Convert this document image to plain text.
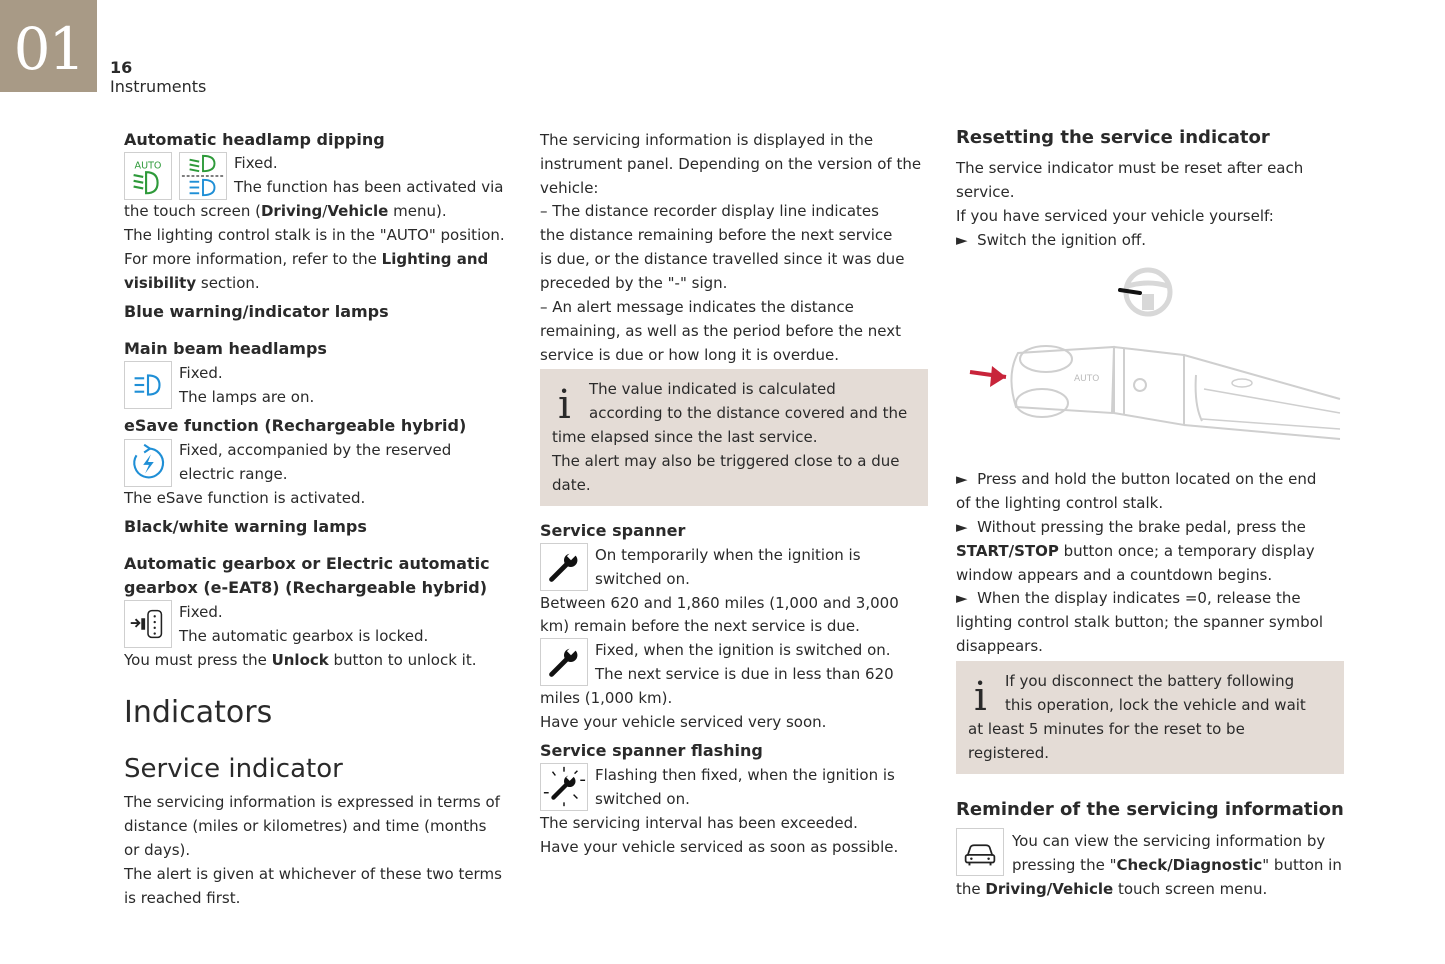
01	16
Instruments
Automatic headlamp dipping
AUTO	Fixed.
The function has been activated via
the touch screen (Driving/Vehicle menu).
The lighting control stalk is in the "AUTO" position.
For more information, refer to the Lighting and
visibility section.
Blue warning/indicator lamps
Main beam headlamps
Fixed.
The lamps are on.
eSave function (Rechargeable hybrid)
Fixed, accompanied by the reserved
electric range.
The eSave function is activated.
Black/white warning lamps
Automatic gearbox or Electric automatic
gearbox (e-EAT8) (Rechargeable hybrid)
Fixed.
The automatic gearbox is locked.
You must press the Unlock button to unlock it.
Indicators
Service indicator
The servicing information is expressed in terms of
distance (miles or kilometres) and time (months
or days).
The alert is given at whichever of these two terms
is reached first.
The servicing information is displayed in the
instrument panel. Depending on the version of the
vehicle:
– The distance recorder display line indicates
the distance remaining before the next service
is due, or the distance travelled since it was due
preceded by the "-" sign.
– An alert message indicates the distance
remaining, as well as the period before the next
service is due or how long it is overdue.
i The value indicated is calculated
according to the distance covered and the
time elapsed since the last service.
The alert may also be triggered close to a due
date.
Service spanner
On temporarily when the ignition is
switched on.
Between 620 and 1,860 miles (1,000 and 3,000
km) remain before the next service is due.
Fixed, when the ignition is switched on.
The next service is due in less than 620
miles (1,000 km).
Have your vehicle serviced very soon.
Service spanner flashing
Flashing then fixed, when the ignition is
switched on.
The servicing interval has been exceeded.
Have your vehicle serviced as soon as possible.
Resetting the service indicator
The service indicator must be reset after each
service.
If you have serviced your vehicle yourself:
► Switch the ignition off.
AUTO
► Press and hold the button located on the end
of the lighting control stalk.
► Without pressing the brake pedal, press the
START/STOP button once; a temporary display
window appears and a countdown begins.
► When the display indicates =0, release the
lighting control stalk button; the spanner symbol
disappears.
i If you disconnect the battery following
this operation, lock the vehicle and wait
at least 5 minutes for the reset to be
registered.
Reminder of the servicing information
You can view the servicing information by
pressing the "Check/Diagnostic" button in
the Driving/Vehicle touch screen menu.
